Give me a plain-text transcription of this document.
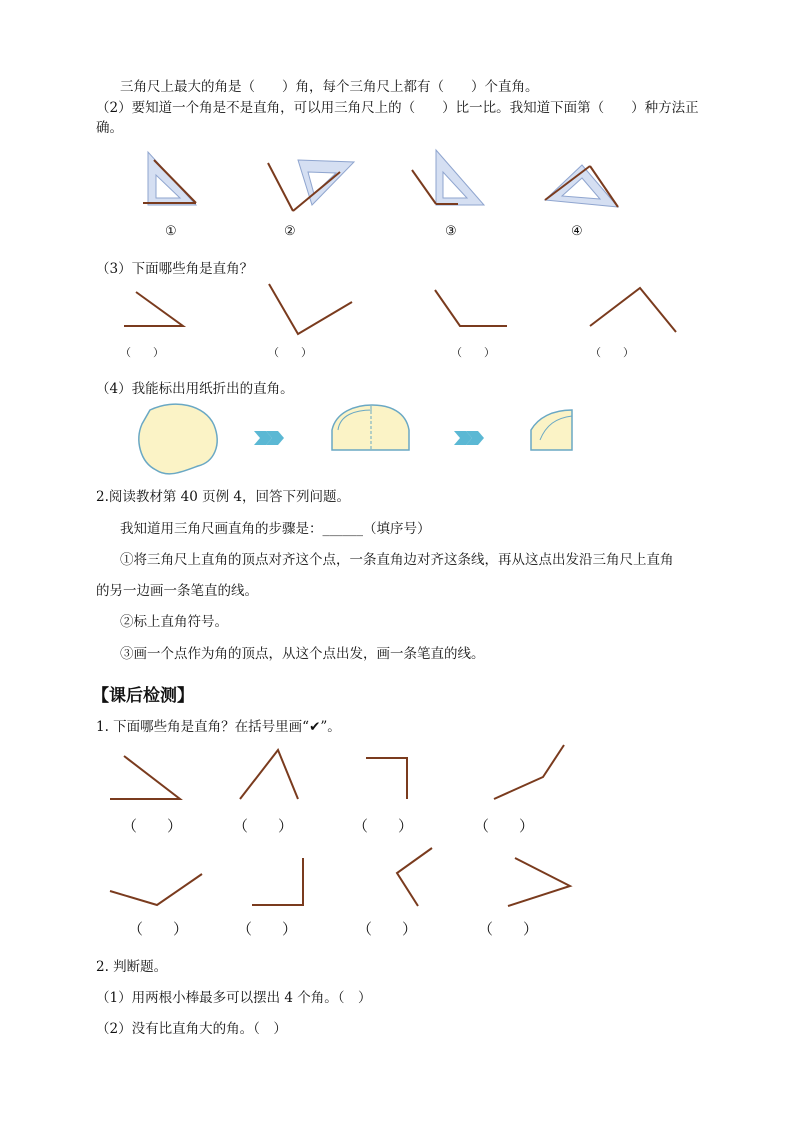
三角尺上最大的角是（　　）角，每个三角尺上都有（　　）个直角。
（2）要知道一个角是不是直角，可以用三角尺上的（　　）比一比。我知道下面第（　　）种方法正
确。
①	②	③	④
（3）下面哪些角是直角？
（　　）	（　　）	（　　）	（　　）
（4）我能标出用纸折出的直角。
2.阅读教材第 40 页例 4，回答下列问题。
我知道用三角尺画直角的步骤是：______（填序号）
①将三角尺上直角的顶点对齐这个点，一条直角边对齐这条线，再从这点出发沿三角尺上直角
的另一边画一条笔直的线。
②标上直角符号。
③画一个点作为角的顶点，从这个点出发，画一条笔直的线。
【课后检测】
1. 下面哪些角是直角？在括号里画“✔”。
（　　）	（　　）	（　　）	（　　）
（　　）	（　　）	（　　）	（　　）
2. 判断题。
（1）用两根小棒最多可以摆出 4 个角。（　）
（2）没有比直角大的角。（　）
